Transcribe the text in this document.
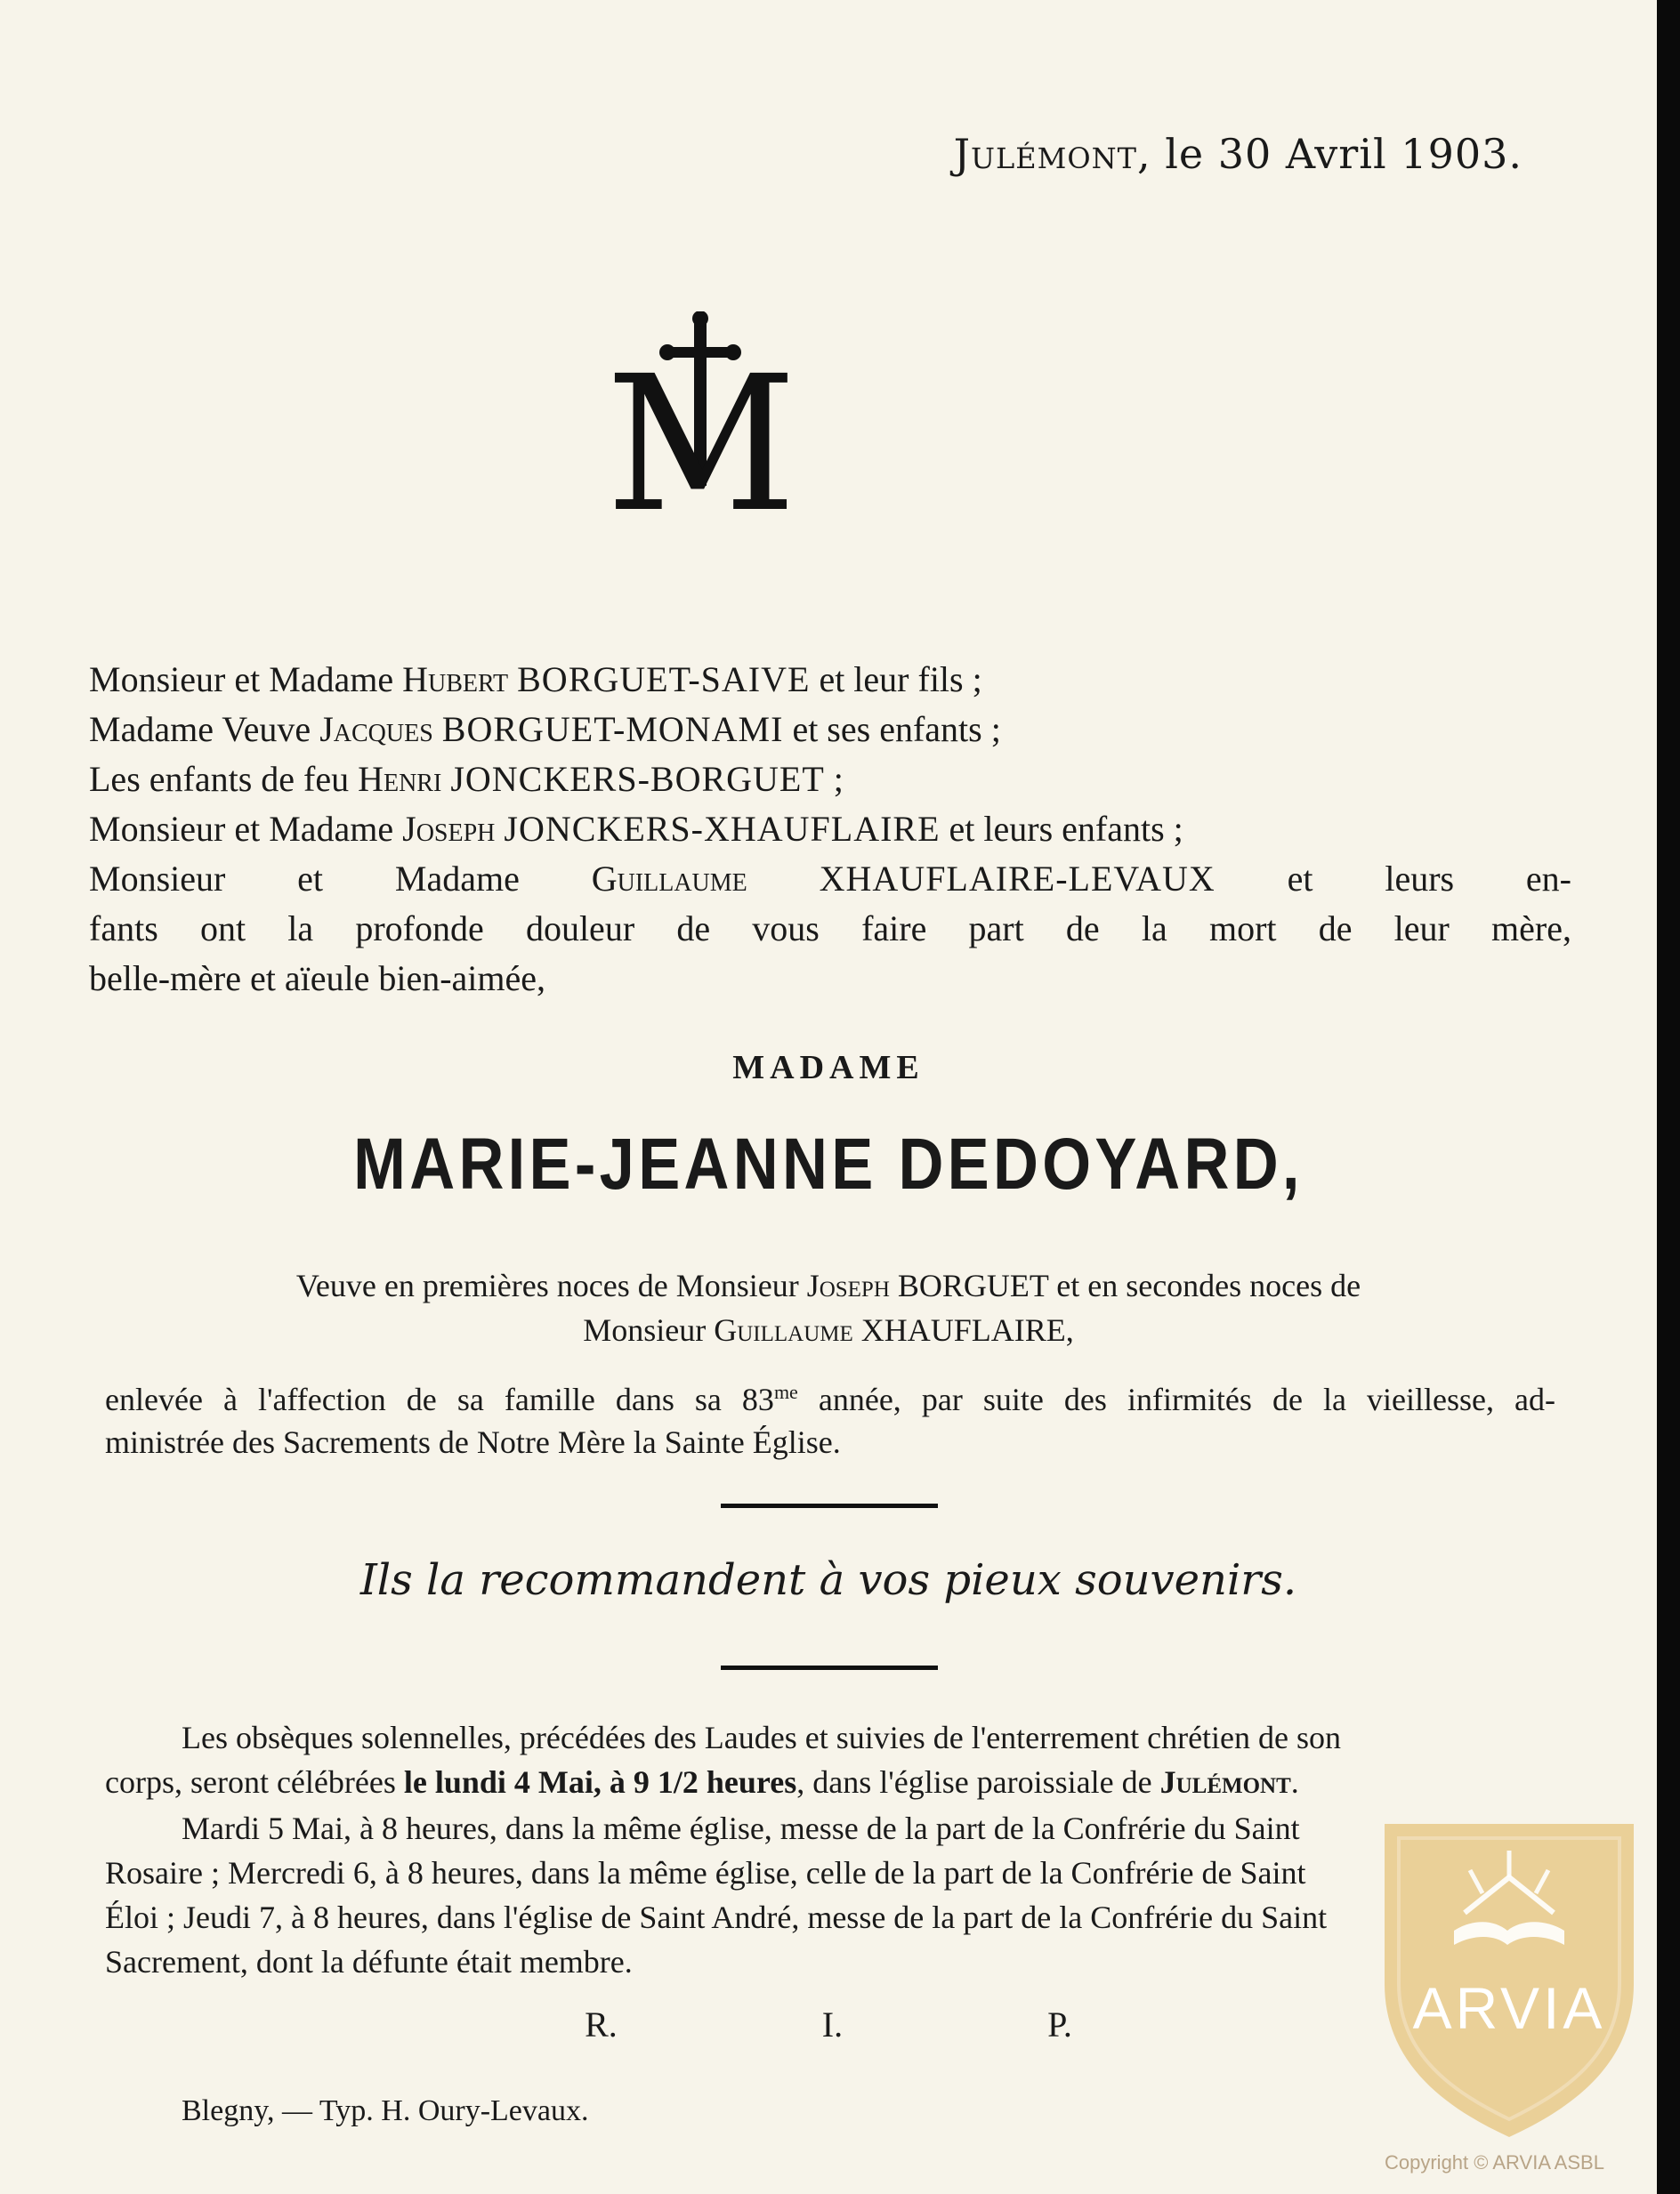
Julémont, le 30 Avril 1903.
M
Monsieur et Madame Hubert BORGUET-SAIVE et leur fils ;
Madame Veuve Jacques BORGUET-MONAMI et ses enfants ;
Les enfants de feu Henri JONCKERS-BORGUET ;
Monsieur et Madame Joseph JONCKERS-XHAUFLAIRE et leurs enfants ;
Monsieur et Madame Guillaume XHAUFLAIRE-LEVAUX et leurs en-
fants ont la profonde douleur de vous faire part de la mort de leur mère,
belle-mère et aïeule bien-aimée,
MADAME
MARIE-JEANNE DEDOYARD,
Veuve en premières noces de Monsieur Joseph BORGUET et en secondes noces de
Monsieur Guillaume XHAUFLAIRE,
enlevée à l'affection de sa famille dans sa $83^{me}$ année, par suite des infirmités de la vieillesse, ad-
ministrée des Sacrements de Notre Mère la Sainte Église.
Ils la recommandent à vos pieux souvenirs.
Les obsèques solennelles, précédées des Laudes et suivies de l'enterrement chrétien de son
corps, seront célébrées le lundi 4 Mai, à 9 1/2 heures, dans l'église paroissiale de Julémont.
Mardi 5 Mai, à 8 heures, dans la même église, messe de la part de la Confrérie du Saint
Rosaire ; Mercredi 6, à 8 heures, dans la même église, celle de la part de la Confrérie de Saint
Éloi ; Jeudi 7, à 8 heures, dans l'église de Saint André, messe de la part de la Confrérie du Saint
Sacrement, dont la défunte était membre.
R. I. P.
Blegny, — Typ. H. Oury-Levaux.
ARVIA
Copyright © ARVIA ASBL
